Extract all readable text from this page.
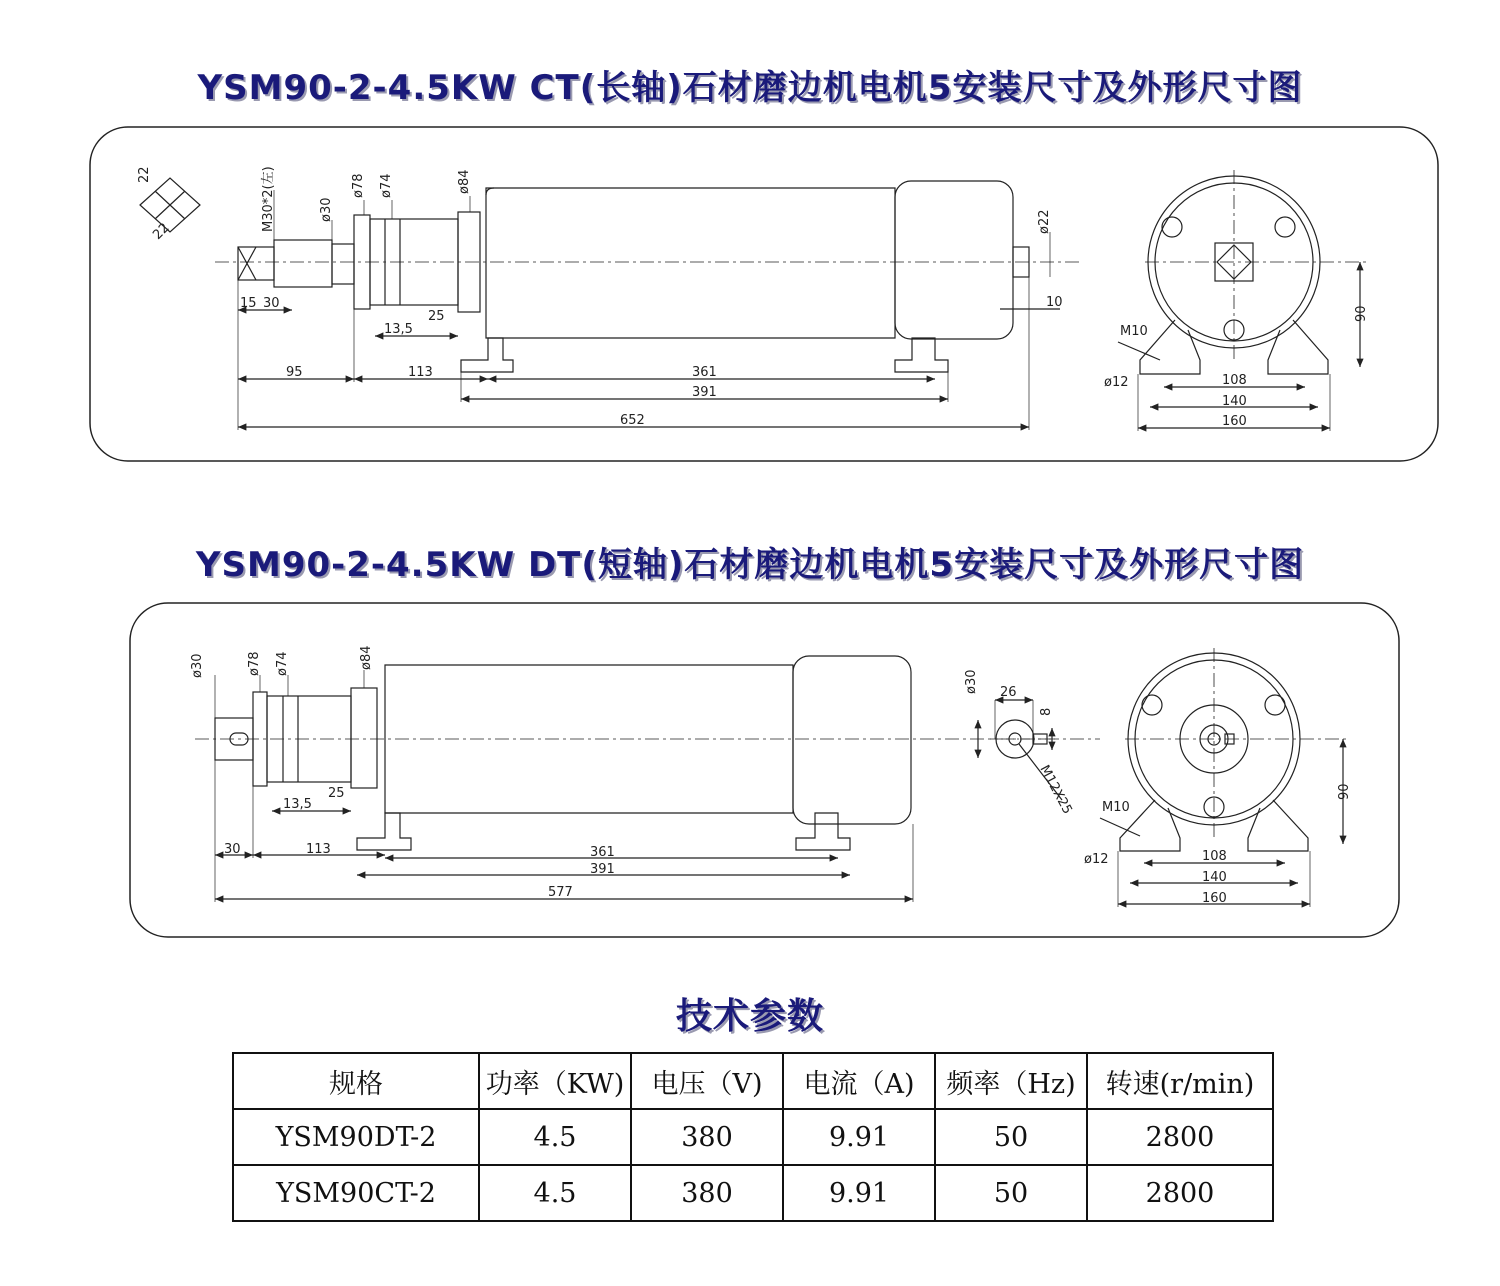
YSM90-2-4.5KW CT(长轴)石材磨边机电机5安装尺寸及外形尺寸图
YSM90-2-4.5KW DT(短轴)石材磨边机电机5安装尺寸及外形尺寸图
技术参数
22
22	M30*2(左)	ø30
ø78 ø74	ø84
ø22
15 30
13,5
25
10
95	113	361
391
652
M10
ø12
90
108
140
160
ø30	ø78 ø74	ø84
13,5
25
30	113	361
391
577
ø30 26
8
M12X25 M10
ø12
90
108
140
160
规格	功率（KW)	电压（V)	电流（A)	频率（Hz)	转速(r/min)
YSM90DT-2	4.5	380	9.91	50	2800
YSM90CT-2	4.5	380	9.91	50	2800
